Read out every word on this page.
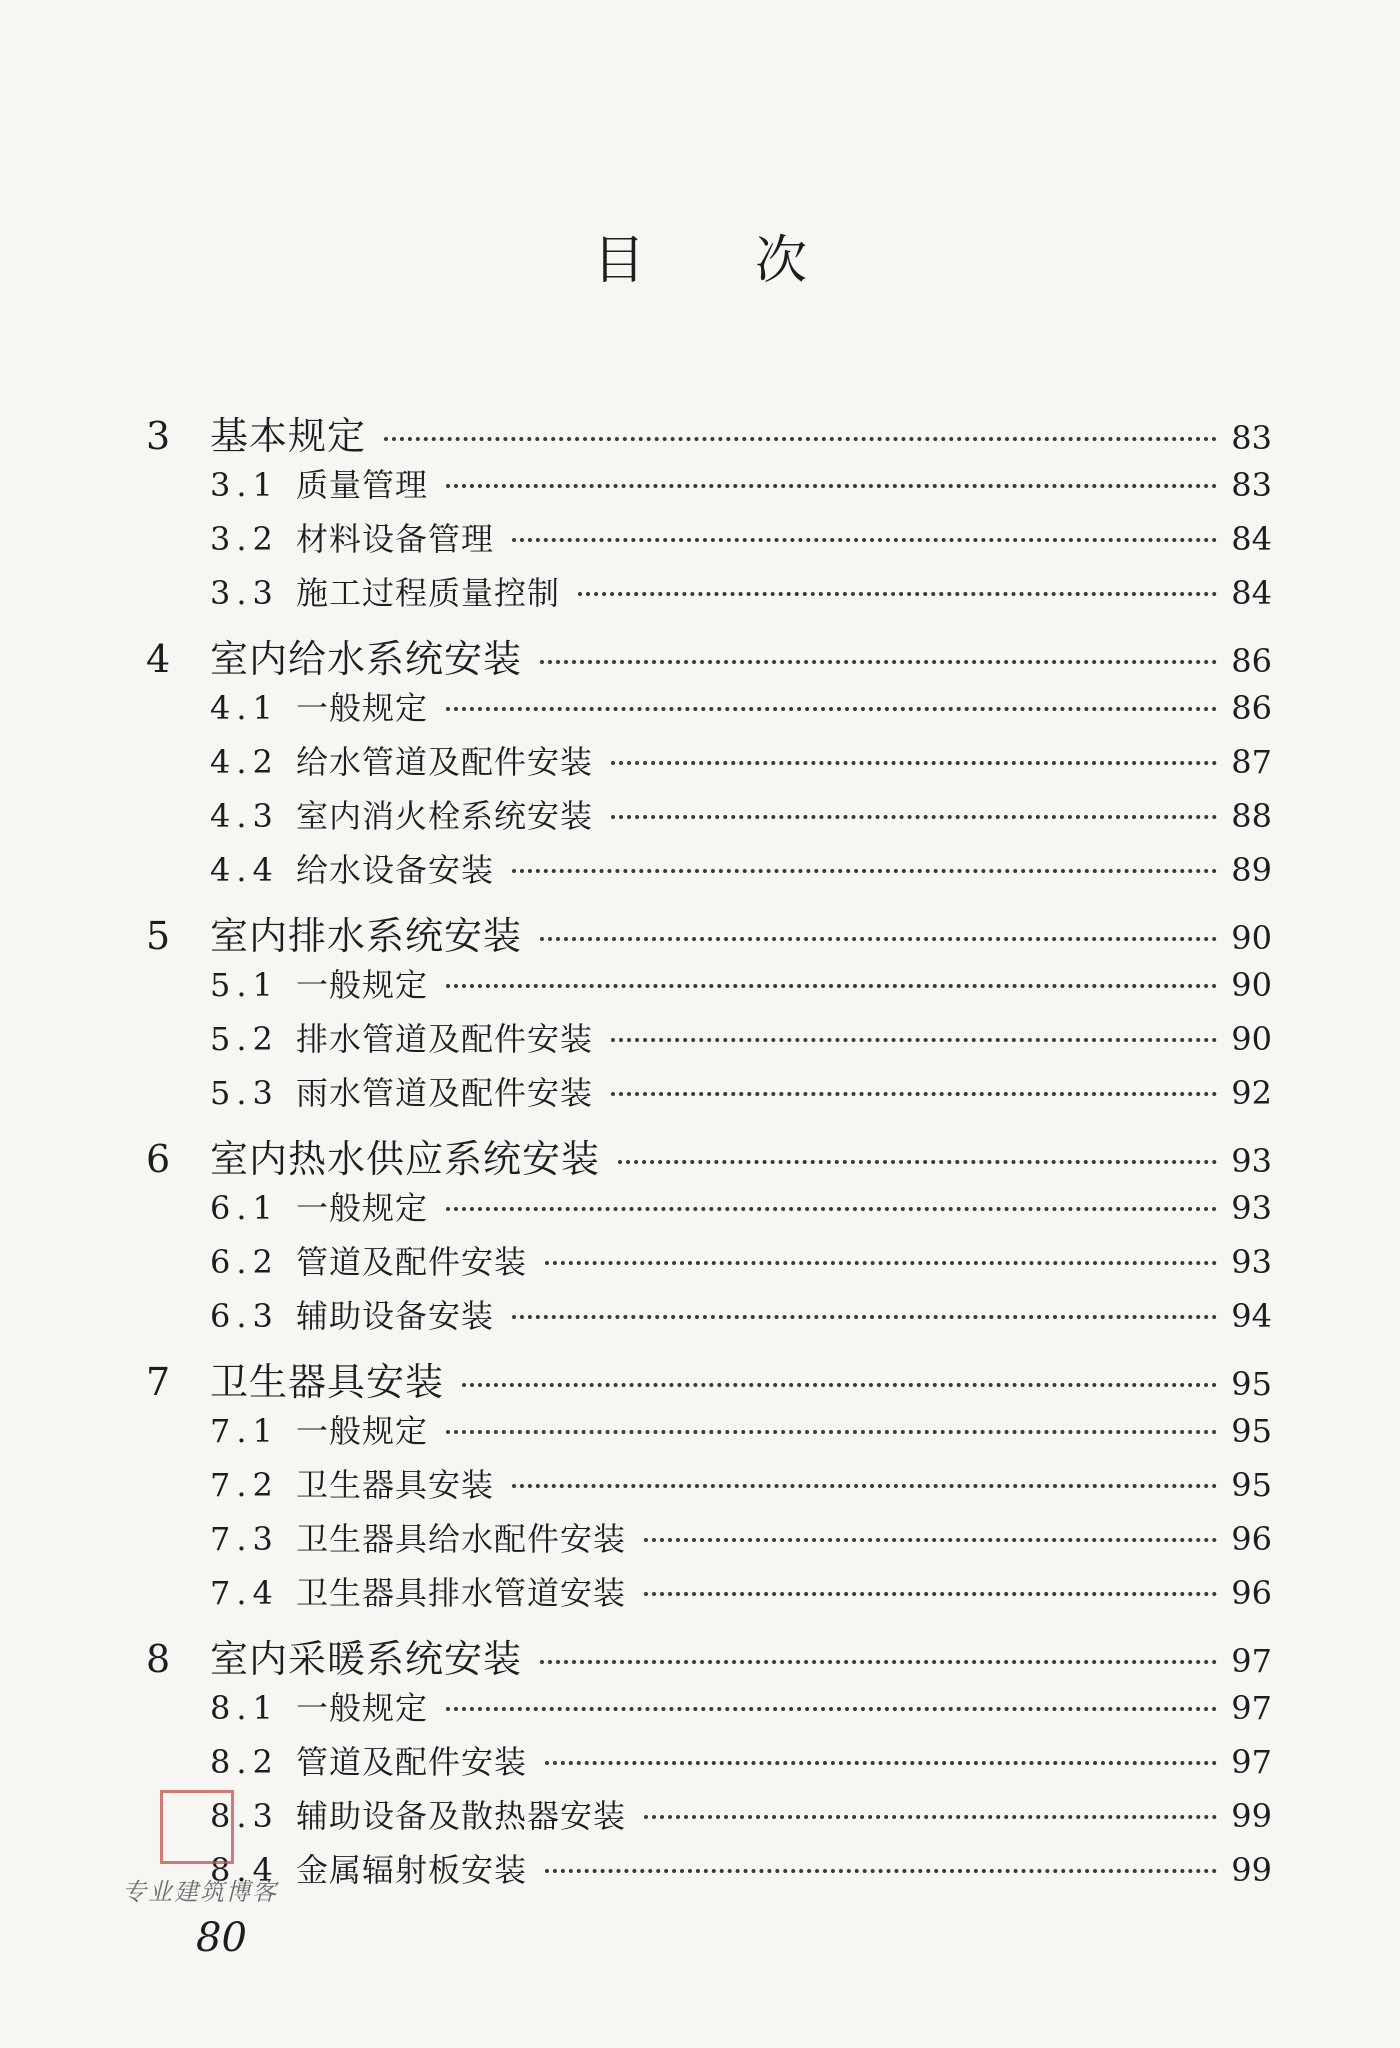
目次
3	基本规定	83
3.1 质量管理	83
3.2 材料设备管理	84
3.3 施工过程质量控制	84
4	室内给水系统安装	86
4.1 一般规定	86
4.2 给水管道及配件安装	87
4.3 室内消火栓系统安装	88
4.4 给水设备安装	89
5	室内排水系统安装	90
5.1 一般规定	90
5.2 排水管道及配件安装	90
5.3 雨水管道及配件安装	92
6	室内热水供应系统安装	93
6.1 一般规定	93
6.2 管道及配件安装	93
6.3 辅助设备安装	94
7	卫生器具安装	95
7.1 一般规定	95
7.2 卫生器具安装	95
7.3 卫生器具给水配件安装	96
7.4 卫生器具排水管道安装	96
8	室内采暖系统安装	97
8.1 一般规定	97
8.2 管道及配件安装	97
8.3 辅助设备及散热器安装	99
8.4 金属辐射板安装	99
专业建筑博客
80
